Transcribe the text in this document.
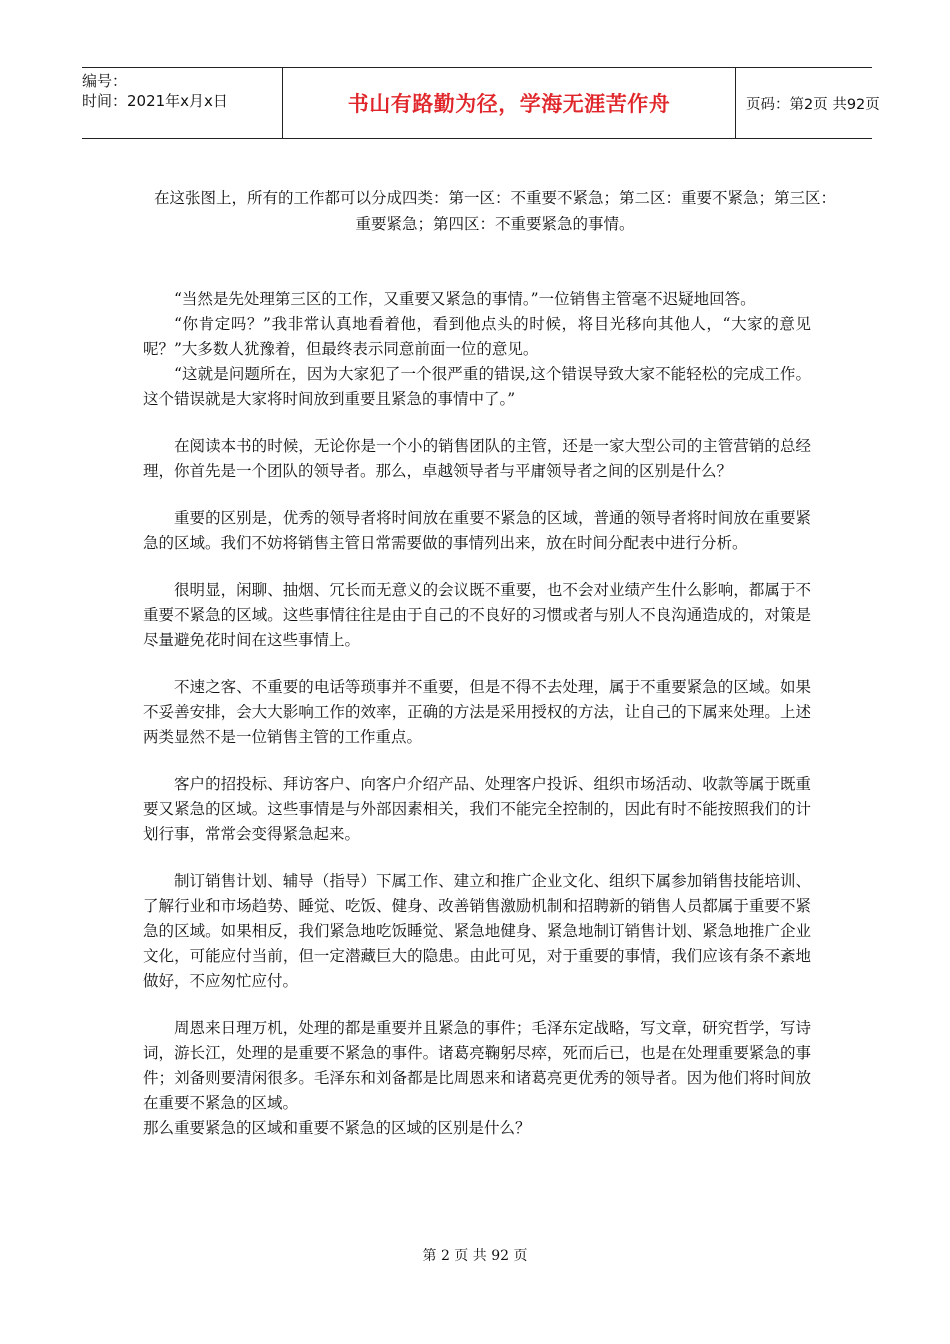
编号：
时间：2021年x月x日	书山有路勤为径，学海无涯苦作舟	页码：第2页 共92页
在这张图上，所有的工作都可以分成四类：第一区：不重要不紧急；第二区：重要不紧急；第三区：重要紧急；第四区：不重要紧急的事情。

“当然是先处理第三区的工作，又重要又紧急的事情。”一位销售主管毫不迟疑地回答。

“你肯定吗？”我非常认真地看着他，看到他点头的时候，将目光移向其他人，“大家的意见呢？”大多数人犹豫着，但最终表示同意前面一位的意见。

“这就是问题所在，因为大家犯了一个很严重的错误,这个错误导致大家不能轻松的完成工作。这个错误就是大家将时间放到重要且紧急的事情中了。”

在阅读本书的时候，无论你是一个小的销售团队的主管，还是一家大型公司的主管营销的总经理，你首先是一个团队的领导者。那么，卓越领导者与平庸领导者之间的区别是什么？

重要的区别是，优秀的领导者将时间放在重要不紧急的区域，普通的领导者将时间放在重要紧急的区域。我们不妨将销售主管日常需要做的事情列出来，放在时间分配表中进行分析。

很明显，闲聊、抽烟、冗长而无意义的会议既不重要，也不会对业绩产生什么影响，都属于不重要不紧急的区域。这些事情往往是由于自己的不良好的习惯或者与别人不良沟通造成的，对策是尽量避免花时间在这些事情上。

不速之客、不重要的电话等琐事并不重要，但是不得不去处理，属于不重要紧急的区域。如果不妥善安排，会大大影响工作的效率，正确的方法是采用授权的方法，让自己的下属来处理。上述两类显然不是一位销售主管的工作重点。

客户的招投标、拜访客户、向客户介绍产品、处理客户投诉、组织市场活动、收款等属于既重要又紧急的区域。这些事情是与外部因素相关，我们不能完全控制的，因此有时不能按照我们的计划行事，常常会变得紧急起来。

制订销售计划、辅导（指导）下属工作、建立和推广企业文化、组织下属参加销售技能培训、了解行业和市场趋势、睡觉、吃饭、健身、改善销售激励机制和招聘新的销售人员都属于重要不紧急的区域。如果相反，我们紧急地吃饭睡觉、紧急地健身、紧急地制订销售计划、紧急地推广企业文化，可能应付当前，但一定潜藏巨大的隐患。由此可见，对于重要的事情，我们应该有条不紊地做好，不应匆忙应付。

周恩来日理万机，处理的都是重要并且紧急的事件；毛泽东定战略，写文章，研究哲学，写诗词，游长江，处理的是重要不紧急的事件。诸葛亮鞠躬尽瘁，死而后已，也是在处理重要紧急的事件；刘备则要清闲很多。毛泽东和刘备都是比周恩来和诸葛亮更优秀的领导者。因为他们将时间放在重要不紧急的区域。

那么重要紧急的区域和重要不紧急的区域的区别是什么？

第 2 页 共 92 页
